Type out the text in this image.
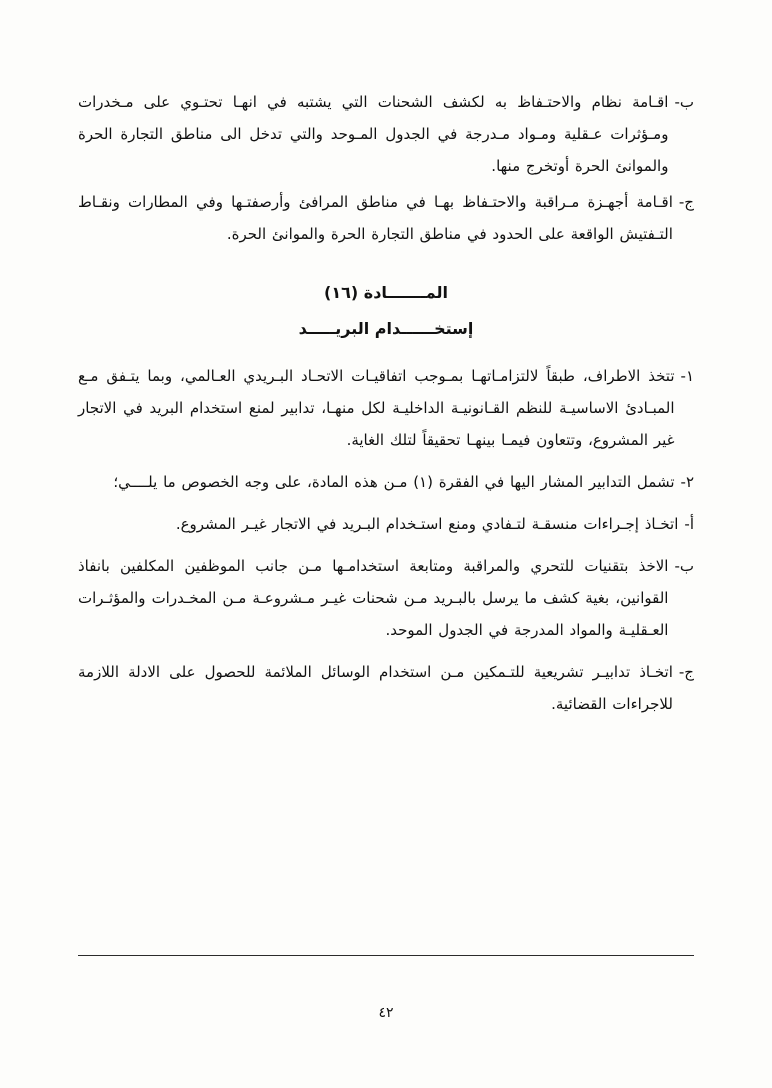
ب-
اقـامة نظام والاحتـفاظ به لكشف الشحنات التي يشتبه في انهـا تحتـوي على مـخدرات ومـؤثرات عـقلية ومـواد مـدرجة في الجدول المـوحد والتي تدخل الى مناطق التجارة الحرة والموانئ الحرة أوتخرج منها.
ج-
اقـامة أجهـزة مـراقبة والاحتـفاظ بهـا في مناطق المرافئ وأرصفتـها وفي المطارات ونقـاط التـفتيش الواقعة على الحدود في مناطق التجارة الحرة والموانئ الحرة.
المـــــــادة (١٦)
إستخــــــدام البريـــــد
١-
تتخذ الاطراف، طبقاً لالتزامـاتهـا بمـوجب اتفاقيـات الاتحـاد البـريدي العـالمي، وبما يتـفق مـع المبـادئ الاساسيـة للنظم القـانونيـة الداخليـة لكل منهـا، تدابير لمنع استخدام البريد في الاتجار غير المشروع، وتتعاون فيمـا بينهـا تحقيقاً لتلك الغاية.
٢-
تشمل التدابير المشار اليها في الفقرة (١) مـن هذه المادة، على وجه الخصوص ما يلــــي؛
أ-
اتخـاذ إجـراءات منسقـة لتـفادي ومنع استـخدام البـريد في الاتجار غيـر المشروع.
ب-
الاخذ بتقنيات للتحري والمراقبة ومتابعة استخدامـها مـن جانب الموظفين المكلفين بانفاذ القوانين، بغية كشف ما يرسل بالبـريد مـن شحنات غيـر مـشروعـة مـن المخـدرات والمؤثـرات العـقليـة والمواد المدرجة في الجدول الموحد.
ج-
اتخـاذ تدابيـر تشريعية للتـمكين مـن استخدام الوسائل الملائمة للحصول على الادلة اللازمة للاجراءات القضائية.
٤٢
